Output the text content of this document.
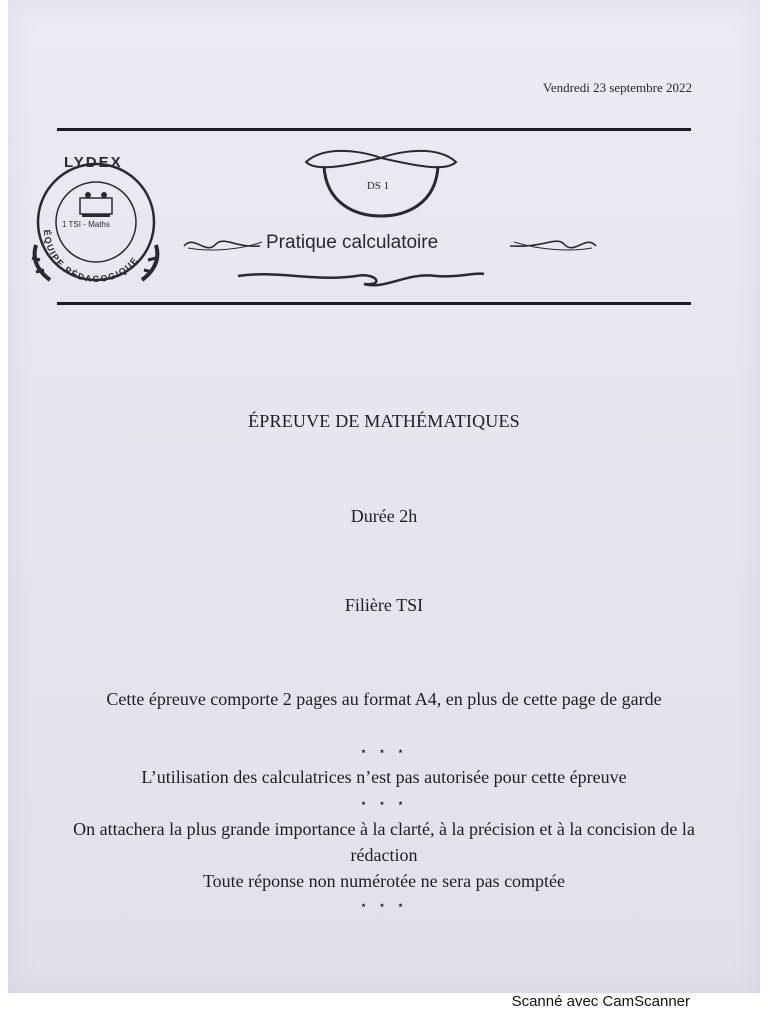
Vendredi 23 septembre 2022
ÉQUIPE PÉDAGOGIQUE
LYDEX
1 TSI - Maths
DS 1
Pratique calculatoire
ÉPREUVE DE MATHÉMATIQUES
Durée 2h
Filière TSI
Cette épreuve comporte 2 pages au format A4, en plus de cette page de garde
⋆ ⋆ ⋆
L’utilisation des calculatrices n’est pas autorisée pour cette épreuve
⋆ ⋆ ⋆
On attachera la plus grande importance à la clarté, à la précision et à la concision de la rédaction
Toute réponse non numérotée ne sera pas comptée
⋆ ⋆ ⋆
Scanné avec CamScanner
